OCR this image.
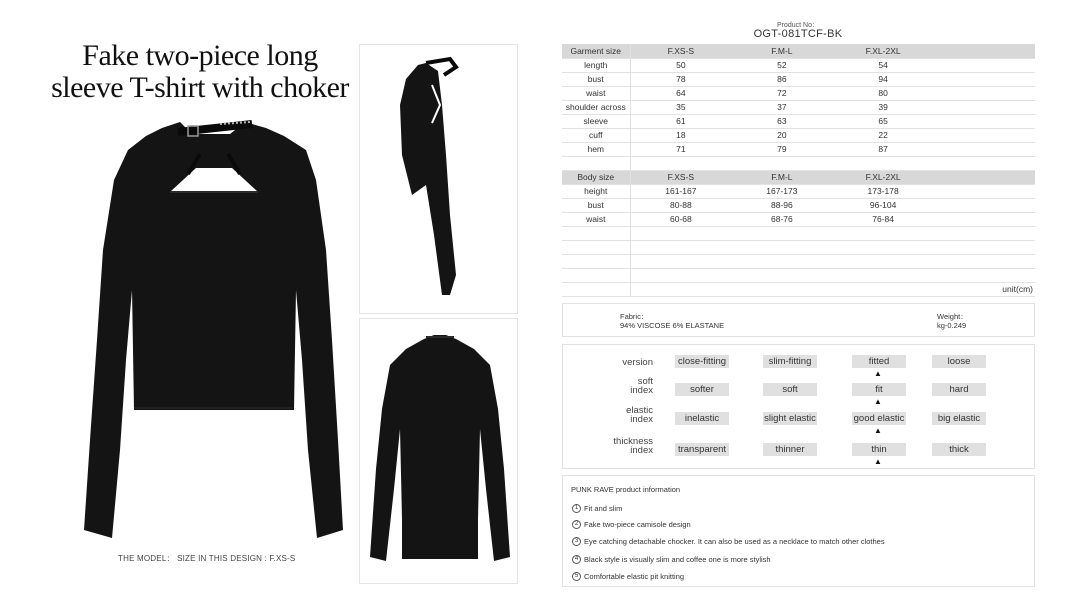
Fake two-piece long
sleeve T-shirt with choker
THE MODEL： SIZE IN THIS DESIGN : F.XS-S
Product No：
OGT-081TCF-BK
Garment size	F.XS-S	F.M-L	F.XL-2XL	
length	50	52	54	
bust	78	86	94	
waist	64	72	80	
shoulder across	35	37	39	
sleeve	61	63	65	
cuff	18	20	22	
hem	71	79	87	

Body size	F.XS-S	F.M-L	F.XL-2XL	
height	161-167	167-173	173-178	
bust	80-88	88-96	96-104	
waist	60-68	68-76	76-84	

				unit(cm)
Fabric：
94% VISCOSE 6% ELASTANE
Weight：
kg-0.249
version	close-fitting	slim-fitting	fitted	loose
▲
soft
index	softer	soft	fit	hard
▲
elastic
index	inelastic	slight elastic	good elastic	big elastic
▲
thickness
index	transparent	thinner	thin	thick
▲
PUNK RAVE product information
1 Fit and slim
2 Fake two-piece camisole design
3 Eye catching detachable chocker. It can also be used as a necklace to match other clothes
4 Black style is visually slim and coffee one is more stylish
5 Comfortable elastic pit knitting
